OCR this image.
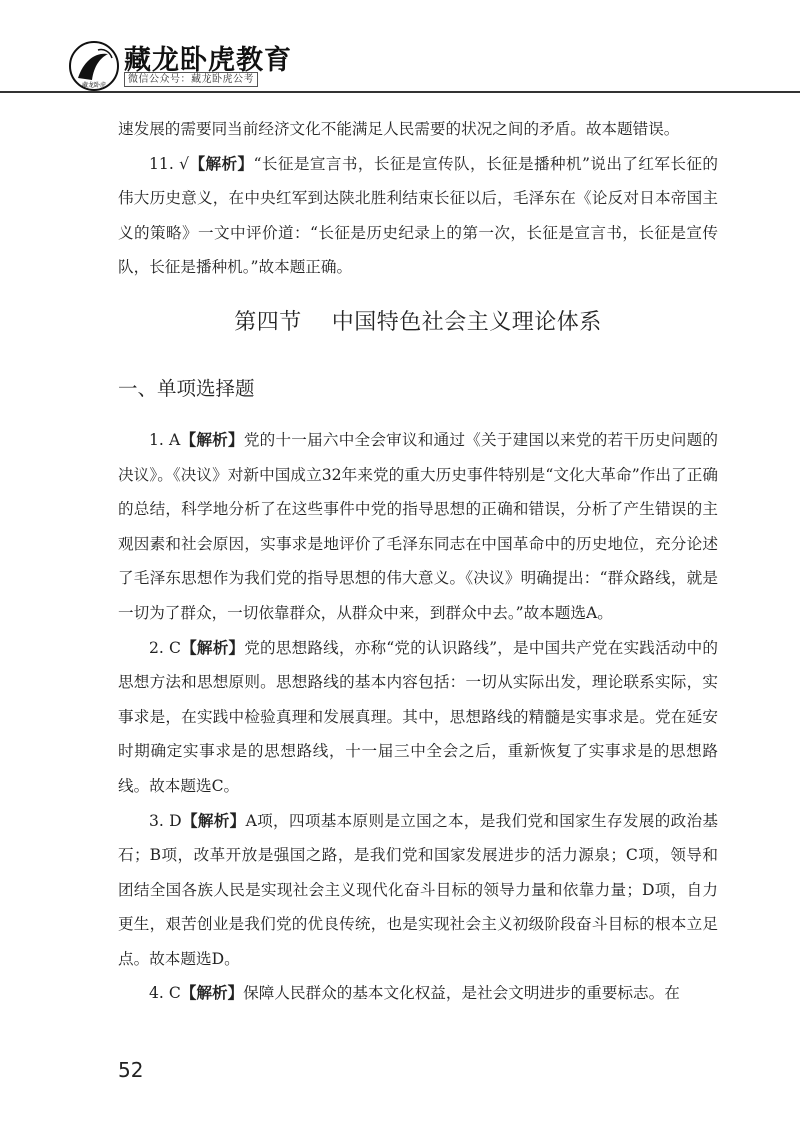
藏龙卧虎
藏龙卧虎教育
微信公众号：藏龙卧虎公考

速发展的需要同当前经济文化不能满足人民需要的状况之间的矛盾。故本题错误。

11. √【解析】“长征是宣言书，长征是宣传队，长征是播种机”说出了红军长征的伟大历史意义，在中央红军到达陕北胜利结束长征以后，毛泽东在《论反对日本帝国主义的策略》一文中评价道：“长征是历史纪录上的第一次，长征是宣言书，长征是宣传队，长征是播种机。”故本题正确。

第四节 中国特色社会主义理论体系

一、单项选择题

1. A【解析】党的十一届六中全会审议和通过《关于建国以来党的若干历史问题的决议》。《决议》对新中国成立32年来党的重大历史事件特别是“文化大革命”作出了正确的总结，科学地分析了在这些事件中党的指导思想的正确和错误，分析了产生错误的主观因素和社会原因，实事求是地评价了毛泽东同志在中国革命中的历史地位，充分论述了毛泽东思想作为我们党的指导思想的伟大意义。《决议》明确提出：“群众路线，就是一切为了群众，一切依靠群众，从群众中来，到群众中去。”故本题选A。

2. C【解析】党的思想路线，亦称“党的认识路线”，是中国共产党在实践活动中的思想方法和思想原则。思想路线的基本内容包括：一切从实际出发，理论联系实际，实事求是，在实践中检验真理和发展真理。其中，思想路线的精髓是实事求是。党在延安时期确定实事求是的思想路线，十一届三中全会之后，重新恢复了实事求是的思想路线。故本题选C。

3. D【解析】A项，四项基本原则是立国之本，是我们党和国家生存发展的政治基石；B项，改革开放是强国之路，是我们党和国家发展进步的活力源泉；C项，领导和团结全国各族人民是实现社会主义现代化奋斗目标的领导力量和依靠力量；D项，自力更生，艰苦创业是我们党的优良传统，也是实现社会主义初级阶段奋斗目标的根本立足点。故本题选D。

4. C【解析】保障人民群众的基本文化权益，是社会文明进步的重要标志。在

52
